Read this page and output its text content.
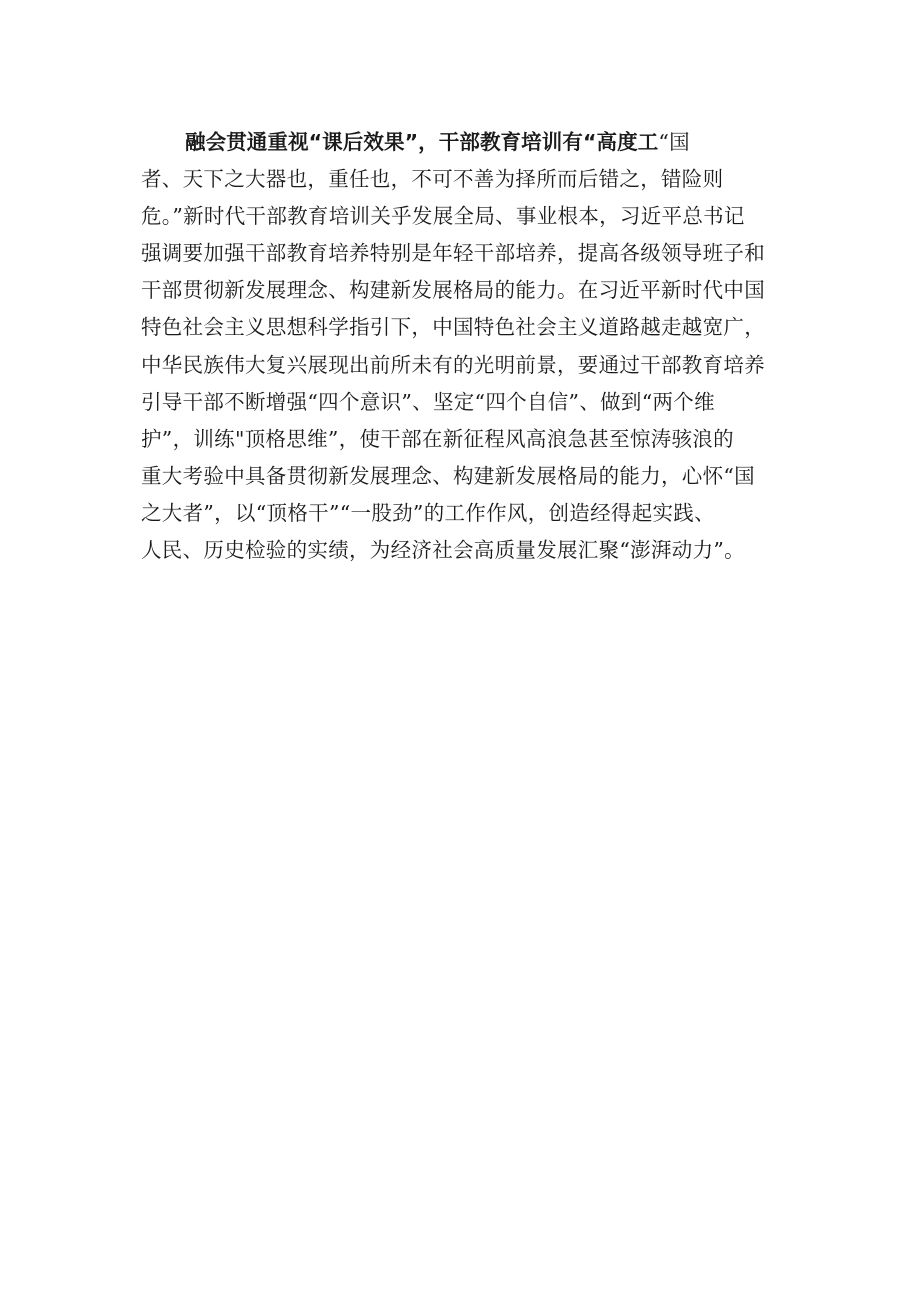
融会贯通重视“课后效果”，干部教育培训有“高度工“国
者、天下之大器也，重任也，不可不善为择所而后错之，错险则
危。”新时代干部教育培训关乎发展全局、事业根本，习近平总书记
强调要加强干部教育培养特别是年轻干部培养，提高各级领导班子和
干部贯彻新发展理念、构建新发展格局的能力。在习近平新时代中国
特色社会主义思想科学指引下，中国特色社会主义道路越走越宽广，
中华民族伟大复兴展现出前所未有的光明前景，要通过干部教育培养
引导干部不断增强“四个意识”、坚定“四个自信”、做到“两个维
护”，训练"顶格思维”，使干部在新征程风高浪急甚至惊涛骇浪的
重大考验中具备贯彻新发展理念、构建新发展格局的能力，心怀“国
之大者”，以“顶格干”“一股劲”的工作作风，创造经得起实践、
人民、历史检验的实绩，为经济社会高质量发展汇聚“澎湃动力”。
